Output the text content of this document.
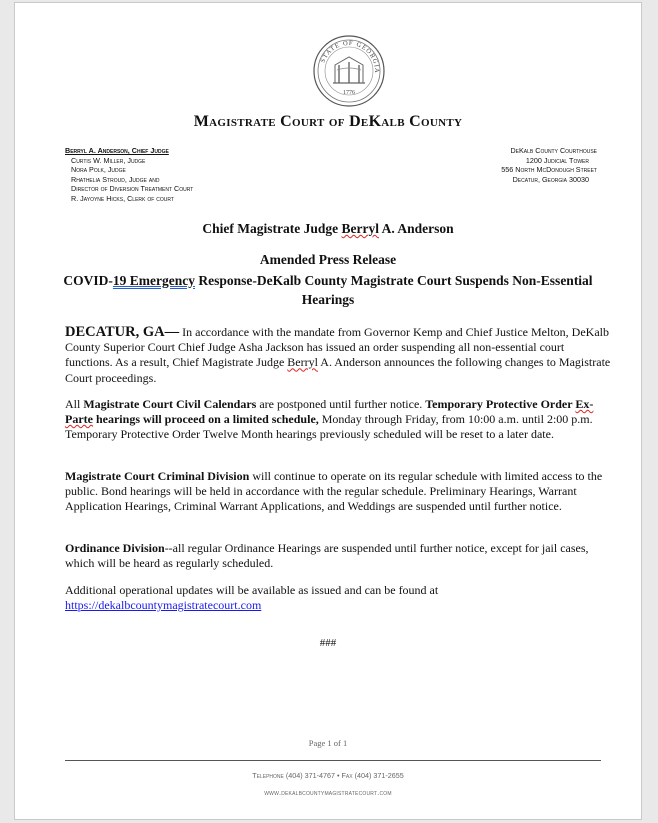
STATE OF GEORGIA
1776
Magistrate Court of DeKalb County
Berryl A. Anderson, Chief Judge
Curtis W. Miller, Judge
Nora Polk, Judge
Rhathelia Stroud, Judge and
Director of Diversion Treatment Court
R. Jayoyne Hicks, Clerk of court
DeKalb County Courthouse
1200 Judicial Tower
556 North McDonough Street
Decatur, Georgia 30030
Chief Magistrate Judge Berryl A. Anderson
Amended Press Release
COVID-19 Emergency Response-DeKalb County Magistrate Court Suspends Non-Essential Hearings
DECATUR, GA— In accordance with the mandate from Governor Kemp and Chief Justice Melton, DeKalb County Superior Court Chief Judge Asha Jackson has issued an order suspending all non-essential court functions. As a result, Chief Magistrate Judge Berryl A. Anderson announces the following changes to Magistrate Court proceedings.
All Magistrate Court Civil Calendars are postponed until further notice. Temporary Protective Order Ex-Parte hearings will proceed on a limited schedule, Monday through Friday, from 10:00 a.m. until 2:00 p.m. Temporary Protective Order Twelve Month hearings previously scheduled will be reset to a later date.
Magistrate Court Criminal Division will continue to operate on its regular schedule with limited access to the public. Bond hearings will be held in accordance with the regular schedule. Preliminary Hearings, Warrant Application Hearings, Criminal Warrant Applications, and Weddings are suspended until further notice.
Ordinance Division--all regular Ordinance Hearings are suspended until further notice, except for jail cases, which will be heard as regularly scheduled.
Additional operational updates will be available as issued and can be found at
https://dekalbcountymagistratecourt.com
###
Page 1 of 1
Telephone (404) 371-4767 • Fax (404) 371-2655
www.dekalbcountymagistratecourt.com
